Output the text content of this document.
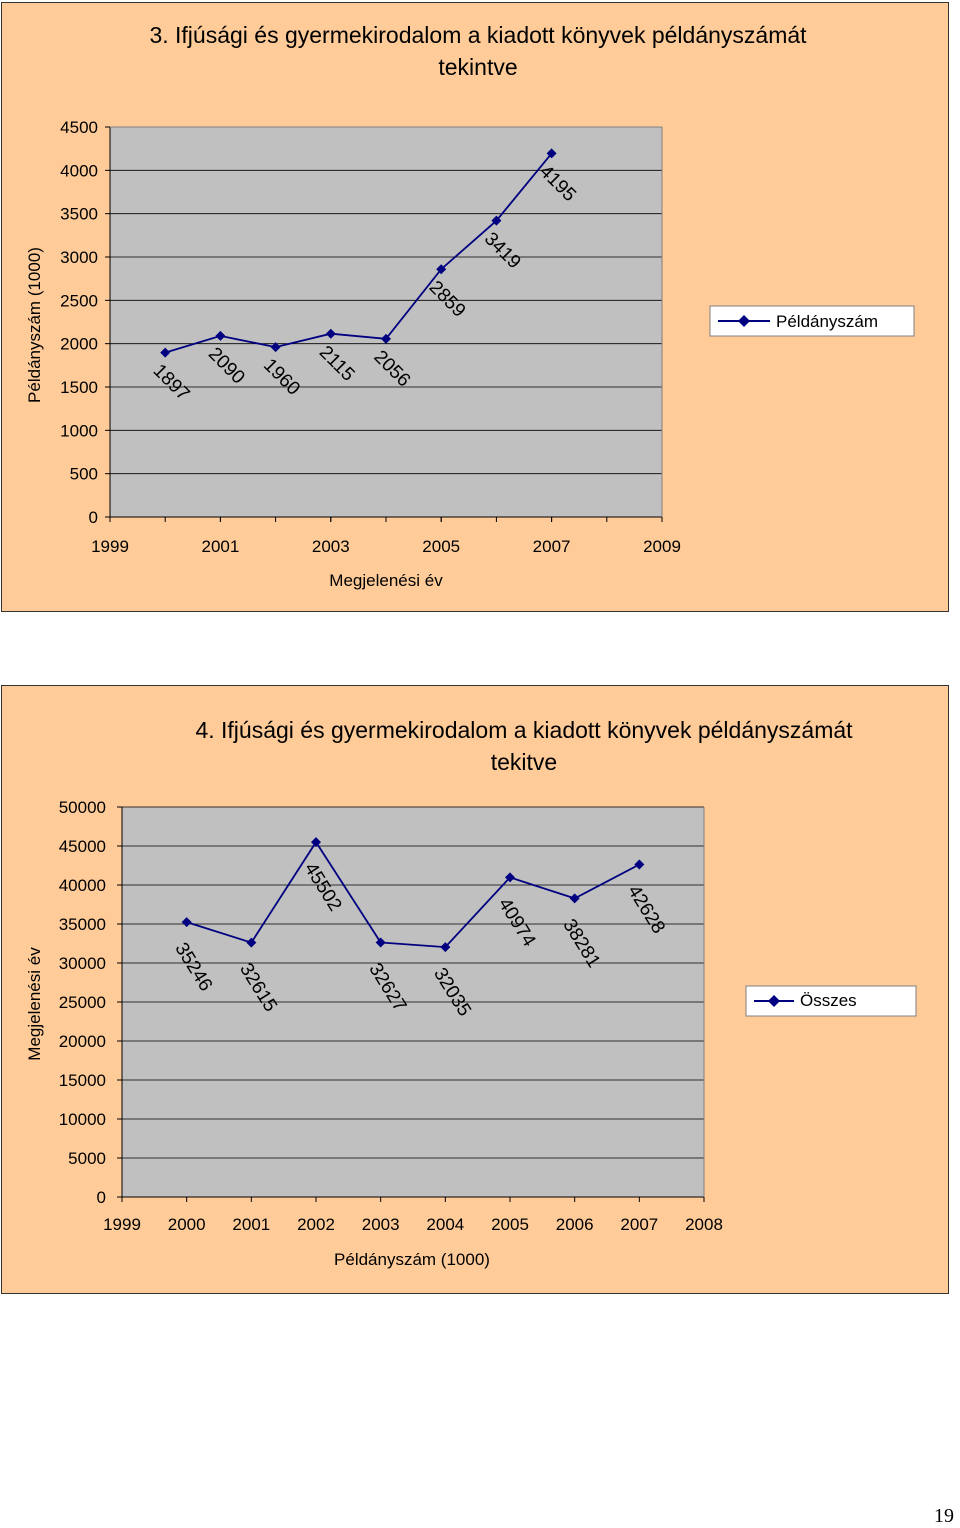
3. Ifjúsági és gyermekirodalom a kiadott könyvek példányszámát
tekintve
0
500
1000
1500
2000
2500
3000
3500
4000
4500
1999	2001	2003	2005	2007	2009
1897 2090 1960 2115 2056
2859
3419
4195
Megjelenési év
Példányszám (1000)	Példányszám
4. Ifjúsági és gyermekirodalom a kiadott könyvek példányszámát
tekitve
0
5000
10000
15000
20000
25000
30000
35000
40000
45000
50000
1999 2000 2001 2002 2003 2004 2005 2006 2007 2008
35246 32615
45502
32627 32035
40974 38281
42628
Példányszám (1000)
Megjelenési év	Összes
19
